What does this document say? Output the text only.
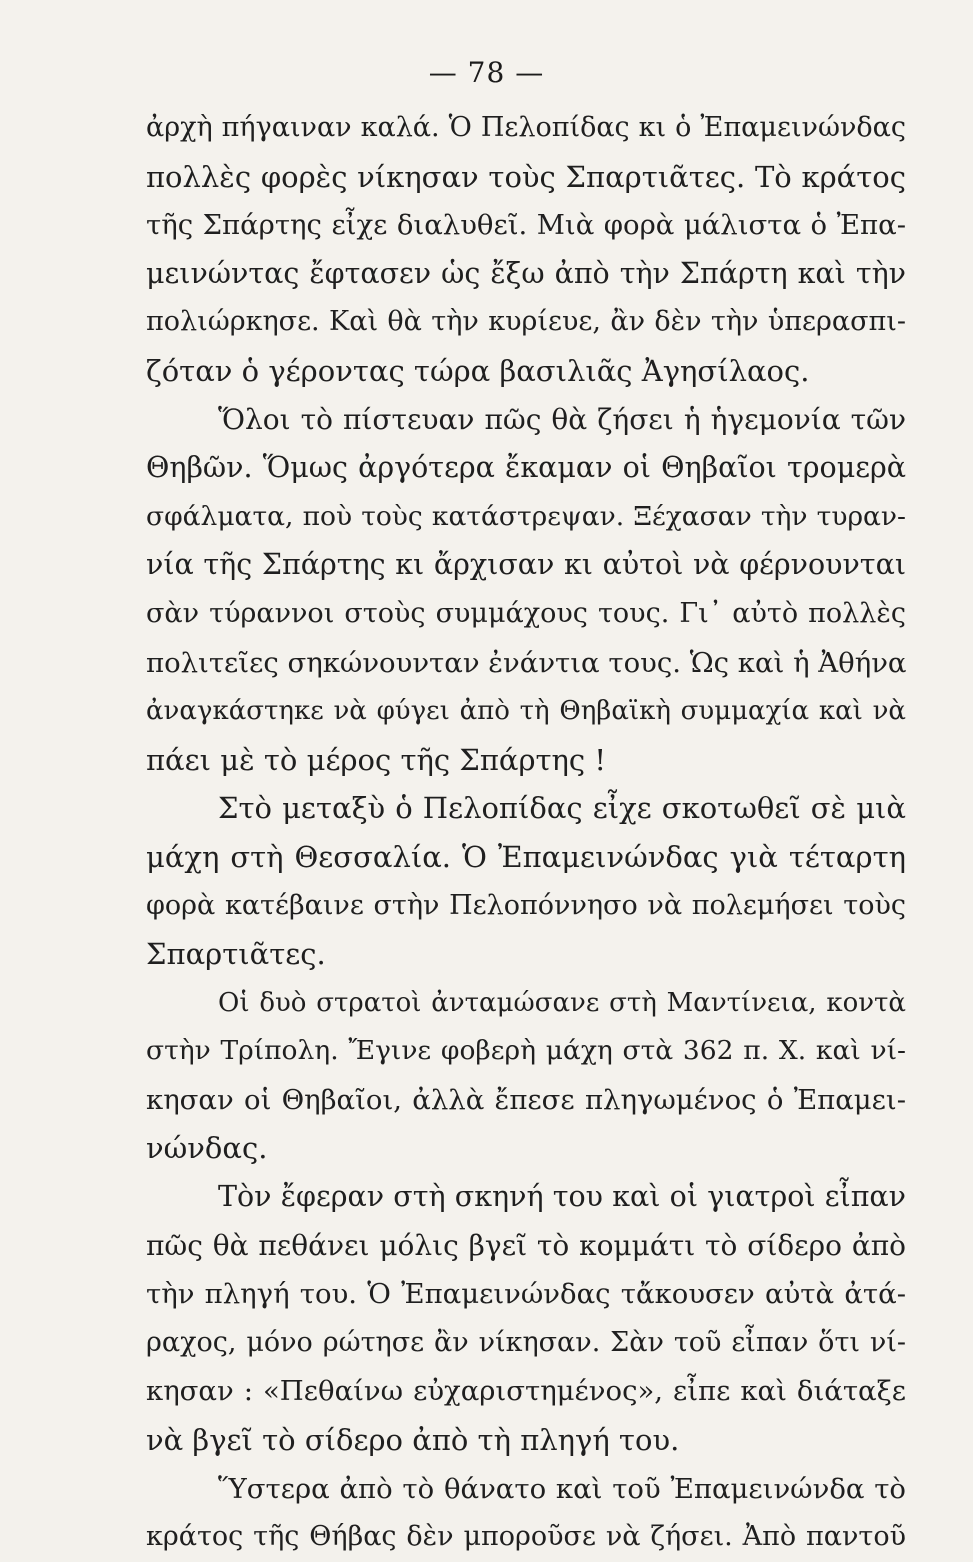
— 78 —
ἀρχὴ πήγαιναν καλά. Ὁ Πελοπίδας κι ὁ Ἐπαμεινώνδας
πολλὲς φορὲς νίκησαν τοὺς Σπαρτιᾶτες. Τὸ κράτος
τῆς Σπάρτης εἶχε διαλυθεῖ. Μιὰ φορὰ μάλιστα ὁ Ἐπα-
μεινώντας ἔφτασεν ὡς ἔξω ἀπὸ τὴν Σπάρτη καὶ τὴν
πολιώρκησε. Καὶ θὰ τὴν κυρίευε, ἂν δὲν τὴν ὑπερασπι-
ζόταν ὁ γέροντας τώρα βασιλιᾶς Ἀγησίλαος.
Ὅλοι τὸ πίστευαν πῶς θὰ ζήσει ἡ ἡγεμονία τῶν
Θηβῶν. Ὅμως ἀργότερα ἔκαμαν οἱ Θηβαῖοι τρομερὰ
σφάλματα, ποὺ τοὺς κατάστρεψαν. Ξέχασαν τὴν τυραν-
νία τῆς Σπάρτης κι ἄρχισαν κι αὐτοὶ νὰ φέρνουνται
σὰν τύραννοι στοὺς συμμάχους τους. Γι᾿ αὐτὸ πολλὲς
πολιτεῖες σηκώνουνταν ἐνάντια τους. Ὡς καὶ ἡ Ἀθήνα
ἀναγκάστηκε νὰ φύγει ἀπὸ τὴ Θηβαϊκὴ συμμαχία καὶ νὰ
πάει μὲ τὸ μέρος τῆς Σπάρτης !
Στὸ μεταξὺ ὁ Πελοπίδας εἶχε σκοτωθεῖ σὲ μιὰ
μάχη στὴ Θεσσαλία. Ὁ Ἐπαμεινώνδας γιὰ τέταρτη
φορὰ κατέβαινε στὴν Πελοπόννησο νὰ πολεμήσει τοὺς
Σπαρτιᾶτες.
Οἱ δυὸ στρατοὶ ἀνταμώσανε στὴ Μαντίνεια, κοντὰ
στὴν Τρίπολη. Ἔγινε φοβερὴ μάχη στὰ 362 π. Χ. καὶ νί-
κησαν οἱ Θηβαῖοι, ἀλλὰ ἔπεσε πληγωμένος ὁ Ἐπαμει-
νώνδας.
Τὸν ἔφεραν στὴ σκηνή του καὶ οἱ γιατροὶ εἶπαν
πῶς θὰ πεθάνει μόλις βγεῖ τὸ κομμάτι τὸ σίδερο ἀπὸ
τὴν πληγή του. Ὁ Ἐπαμεινώνδας τἄκουσεν αὐτὰ ἀτά-
ραχος, μόνο ρώτησε ἂν νίκησαν. Σὰν τοῦ εἶπαν ὅτι νί-
κησαν : «Πεθαίνω εὐχαριστημένος», εἶπε καὶ διάταξε
νὰ βγεῖ τὸ σίδερο ἀπὸ τὴ πληγή του.
Ὕστερα ἀπὸ τὸ θάνατο καὶ τοῦ Ἐπαμεινώνδα τὸ
κράτος τῆς Θήβας δὲν μποροῦσε νὰ ζήσει. Ἀπὸ παντοῦ
